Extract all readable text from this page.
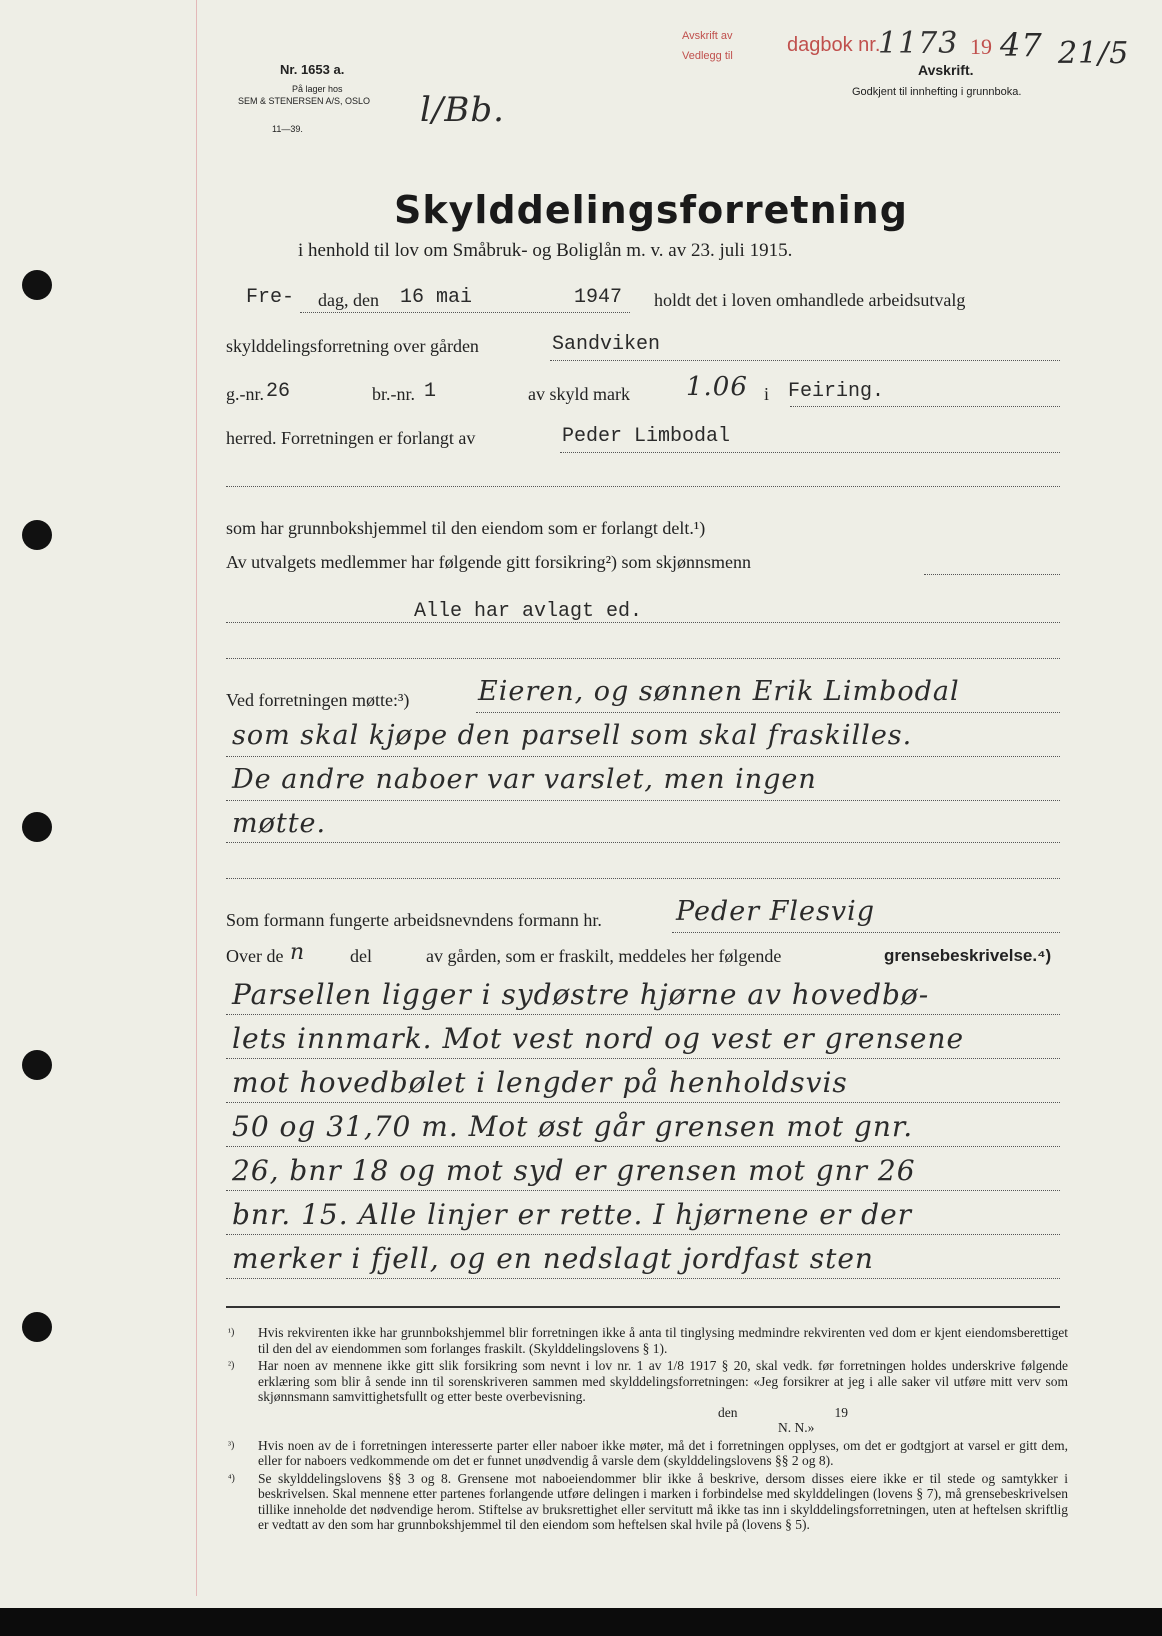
Nr. 1653 a.
På lager hos
SEM & STENERSEN A/S, OSLO
11—39.	l/Bb.
Avskrift av
Vedlegg til	dagbok nr.
1173 19 47 21/5
Avskrift.
Godkjent til innhefting i grunnboka.
Skylddelingsforretning
i henhold til lov om Småbruk- og Boliglån m. v. av 23. juli 1915.
Fre- dag, den 16 mai	1947 holdt det i loven omhandlede arbeidsutvalg
skylddelingsforretning over gården	Sandviken
g.-nr. 26	br.-nr. 1	av skyld mark 1.06 i Feiring.
herred. Forretningen er forlangt av	Peder Limbodal
som har grunnbokshjemmel til den eiendom som er forlangt delt.¹)
Av utvalgets medlemmer har følgende gitt forsikring²) som skjønnsmenn
Alle har avlagt ed.
Ved forretningen møtte:³)	Eieren, og sønnen Erik Limbodal
som skal kjøpe den parsell som skal fraskilles.
De andre naboer var varslet, men ingen
møtte.
Som formann fungerte arbeidsnevndens formann hr.	Peder Flesvig
Over de n del	av gården, som er fraskilt, meddeles her følgende	grensebeskrivelse.⁴)
Parsellen ligger i sydøstre hjørne av hovedbø-
lets innmark. Mot vest nord og vest er grensene
mot hovedbølet i lengder på henholdsvis
50 og 31,70 m. Mot øst går grensen mot gnr.
26, bnr 18 og mot syd er grensen mot gnr 26
bnr. 15. Alle linjer er rette. I hjørnene er der
merker i fjell, og en nedslagt jordfast sten
¹) Hvis rekvirenten ikke har grunnbokshjemmel blir forretningen ikke å anta til tinglysing medmindre rekvirenten ved dom er kjent eiendomsberettiget til den del av eiendommen som forlanges fraskilt. (Skylddelingslovens § 1).
²) Har noen av mennene ikke gitt slik forsikring som nevnt i lov nr. 1 av 1/8 1917 § 20, skal vedk. før forretningen holdes underskrive følgende erklæring som blir å sende inn til sorenskriveren sammen med skylddelingsforretningen: «Jeg forsikrer at jeg i alle saker vil utføre mitt verv som skjønnsmann samvittighetsfullt og etter beste overbevisning.
den	19
N. N.»
³) Hvis noen av de i forretningen interesserte parter eller naboer ikke møter, må det i forretningen opplyses, om det er godtgjort at varsel er gitt dem, eller for naboers vedkommende om det er funnet unødvendig å varsle dem (skylddelingslovens §§ 2 og 8).
⁴) Se skylddelingslovens §§ 3 og 8. Grensene mot naboeiendommer blir ikke å beskrive, dersom disses eiere ikke er til stede og samtykker i beskrivelsen. Skal mennene etter partenes forlangende utføre delingen i marken i forbindelse med skylddelingen (lovens § 7), må grensebeskrivelsen tillike inneholde det nødvendige herom. Stiftelse av bruksrettighet eller servitutt må ikke tas inn i skylddelingsforretningen, uten at heftelsen skriftlig er vedtatt av den som har grunnbokshjemmel til den eiendom som heftelsen skal hvile på (lovens § 5).
